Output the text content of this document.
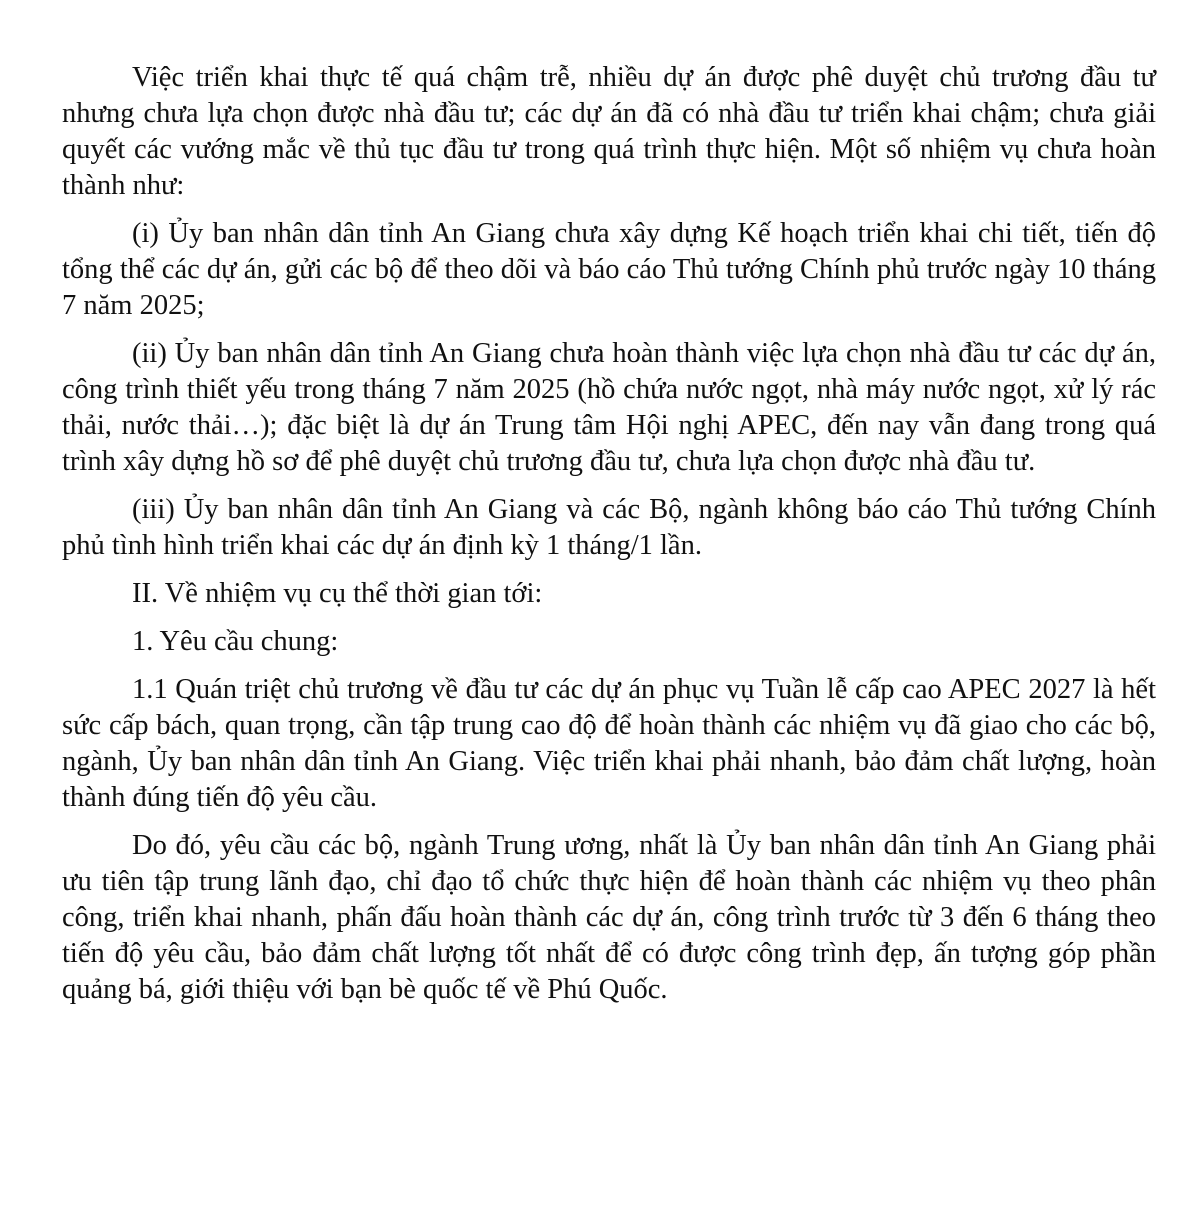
Việc triển khai thực tế quá chậm trễ, nhiều dự án được phê duyệt chủ trương đầu tư nhưng chưa lựa chọn được nhà đầu tư; các dự án đã có nhà đầu tư triển khai chậm; chưa giải quyết các vướng mắc về thủ tục đầu tư trong quá trình thực hiện. Một số nhiệm vụ chưa hoàn thành như:

(i) Ủy ban nhân dân tỉnh An Giang chưa xây dựng Kế hoạch triển khai chi tiết, tiến độ tổng thể các dự án, gửi các bộ để theo dõi và báo cáo Thủ tướng Chính phủ trước ngày 10 tháng 7 năm 2025;

(ii) Ủy ban nhân dân tỉnh An Giang chưa hoàn thành việc lựa chọn nhà đầu tư các dự án, công trình thiết yếu trong tháng 7 năm 2025 (hồ chứa nước ngọt, nhà máy nước ngọt, xử lý rác thải, nước thải…); đặc biệt là dự án Trung tâm Hội nghị APEC, đến nay vẫn đang trong quá trình xây dựng hồ sơ để phê duyệt chủ trương đầu tư, chưa lựa chọn được nhà đầu tư.

(iii) Ủy ban nhân dân tỉnh An Giang và các Bộ, ngành không báo cáo Thủ tướng Chính phủ tình hình triển khai các dự án định kỳ 1 tháng/1 lần.

II. Về nhiệm vụ cụ thể thời gian tới:

1. Yêu cầu chung:

1.1 Quán triệt chủ trương về đầu tư các dự án phục vụ Tuần lễ cấp cao APEC 2027 là hết sức cấp bách, quan trọng, cần tập trung cao độ để hoàn thành các nhiệm vụ đã giao cho các bộ, ngành, Ủy ban nhân dân tỉnh An Giang. Việc triển khai phải nhanh, bảo đảm chất lượng, hoàn thành đúng tiến độ yêu cầu.

Do đó, yêu cầu các bộ, ngành Trung ương, nhất là Ủy ban nhân dân tỉnh An Giang phải ưu tiên tập trung lãnh đạo, chỉ đạo tổ chức thực hiện để hoàn thành các nhiệm vụ theo phân công, triển khai nhanh, phấn đấu hoàn thành các dự án, công trình trước từ 3 đến 6 tháng theo tiến độ yêu cầu, bảo đảm chất lượng tốt nhất để có được công trình đẹp, ấn tượng góp phần quảng bá, giới thiệu với bạn bè quốc tế về Phú Quốc.
